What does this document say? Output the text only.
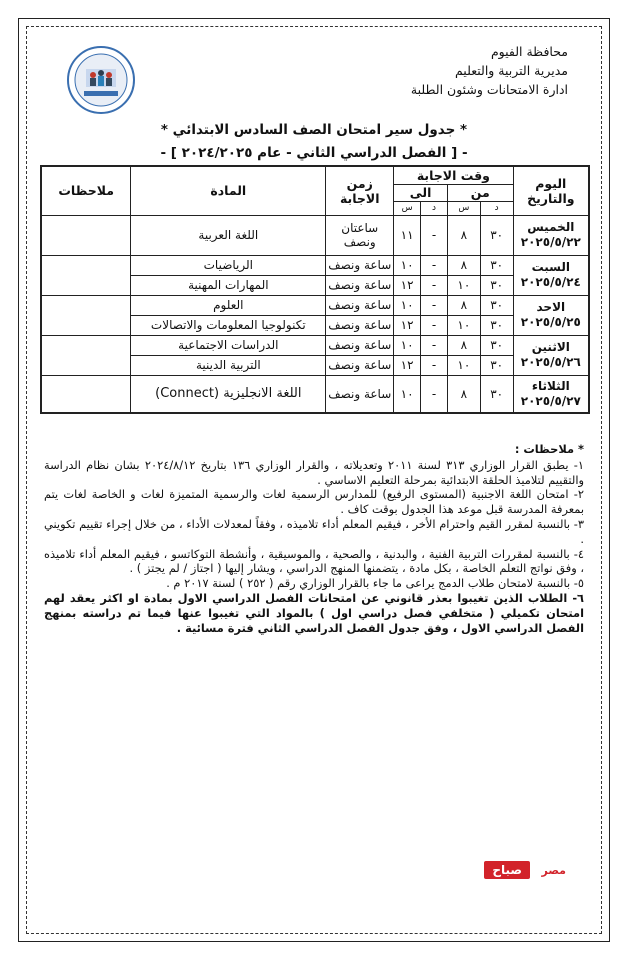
محافظة الفيوم
مديرية التربية والتعليم
ادارة الامتحانات وشئون الطلبة
* جدول سير امتحان الصف السادس الابتدائي *
- [ الفصل الدراسي الثاني - عام ٢٠٢٤/٢٠٢٥ ] -
اليوم والتاريخ	وقت الاجابة				زمن الاجابة	المادة	ملاحظات
	من		الى				
	د	س	د	س			

الخميس
٢٠٢٥/٥/٢٢	٣٠	٨	-	١١	ساعتان ونصف	اللغة العربية	

السبت
٢٠٢٥/٥/٢٤	٣٠	٨	-	١٠	ساعة ونصف	الرياضيات	
	٣٠	١٠	-	١٢	ساعة ونصف	المهارات المهنية	

الاحد
٢٠٢٥/٥/٢٥	٣٠	٨	-	١٠	ساعة ونصف	العلوم	
	٣٠	١٠	-	١٢	ساعة ونصف	تكنولوجيا المعلومات والاتصالات	

الاثنين
٢٠٢٥/٥/٢٦	٣٠	٨	-	١٠	ساعة ونصف	الدراسات الاجتماعية	
	٣٠	١٠	-	١٢	ساعة ونصف	التربية الدينية	

الثلاثاء
٢٠٢٥/٥/٢٧	٣٠	٨	-	١٠	ساعة ونصف	اللغة الانجليزية (Connect)	

* ملاحظات :

١- يطبق القرار الوزاري ٣١٣ لسنة ٢٠١١ وتعديلاته ، والقرار الوزاري ١٣٦ بتاريخ ٢٠٢٤/٨/١٢ بشان نظام الدراسة والتقييم لتلاميذ الحلقة الابتدائية بمرحلة التعليم الاساسي .

٢- امتحان اللغة الاجنبية (المستوى الرفيع) للمدارس الرسمية لغات والرسمية المتميزة لغات و الخاصة لغات يتم بمعرفة المدرسة قبل موعد هذا الجدول بوقت كاف .

٣- بالنسبة لمقرر القيم واحترام الأخر ، فيقيم المعلم أداء تلاميذه ، وفقاً لمعدلات الأداء ، من خلال إجراء تقييم تكويني .

٤- بالنسبة لمقررات التربية الفنية ، والبدنية ، والصحية ، والموسيقية ، وأنشطة التوكاتسو ، فيقيم المعلم أداء تلاميذه ، وفق نواتج التعلم الخاصة ، بكل مادة ، يتضمنها المنهج الدراسي ، ويشار إليها ( اجتاز / لم يجتز ) .

٥- بالنسبة لامتحان طلاب الدمج يراعى ما جاء بالقرار الوزاري رقم ( ٢٥٢ ) لسنة ٢٠١٧ م .

٦- الطلاب الذين تغيبوا بعذر قانوني عن امتحانات الفصل الدراسي الاول بمادة او اكثر يعقد لهم امتحان تكميلي ( متخلفي فصل دراسي اول ) بالمواد التي تغيبوا عنها فيما تم دراسته بمنهج الفصل الدراسي الاول ، وفق جدول الفصل الدراسي الثاني فترة مسائية .

صباح	مصر
